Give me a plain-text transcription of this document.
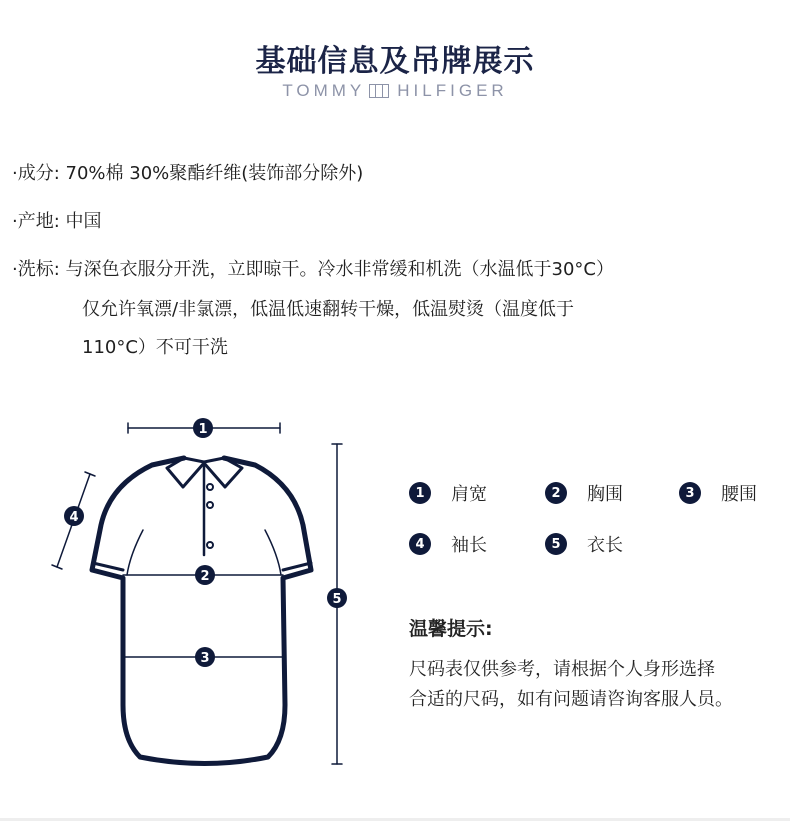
基础信息及吊牌展示
TOMMY HILFIGER
·成分: 70%棉 30%聚酯纤维(装饰部分除外)
·产地: 中国
·洗标: 与深色衣服分开洗，立即晾干。冷水非常缓和机洗（水温低于30°C）
仅允许氧漂/非氯漂，低温低速翻转干燥，低温熨烫（温度低于
110°C）不可干洗
1
2
3
4
5
1	肩宽	2	胸围	3	腰围
4	袖长	5	衣长
温馨提示:
尺码表仅供参考，请根据个人身形选择
合适的尺码，如有问题请咨询客服人员。
